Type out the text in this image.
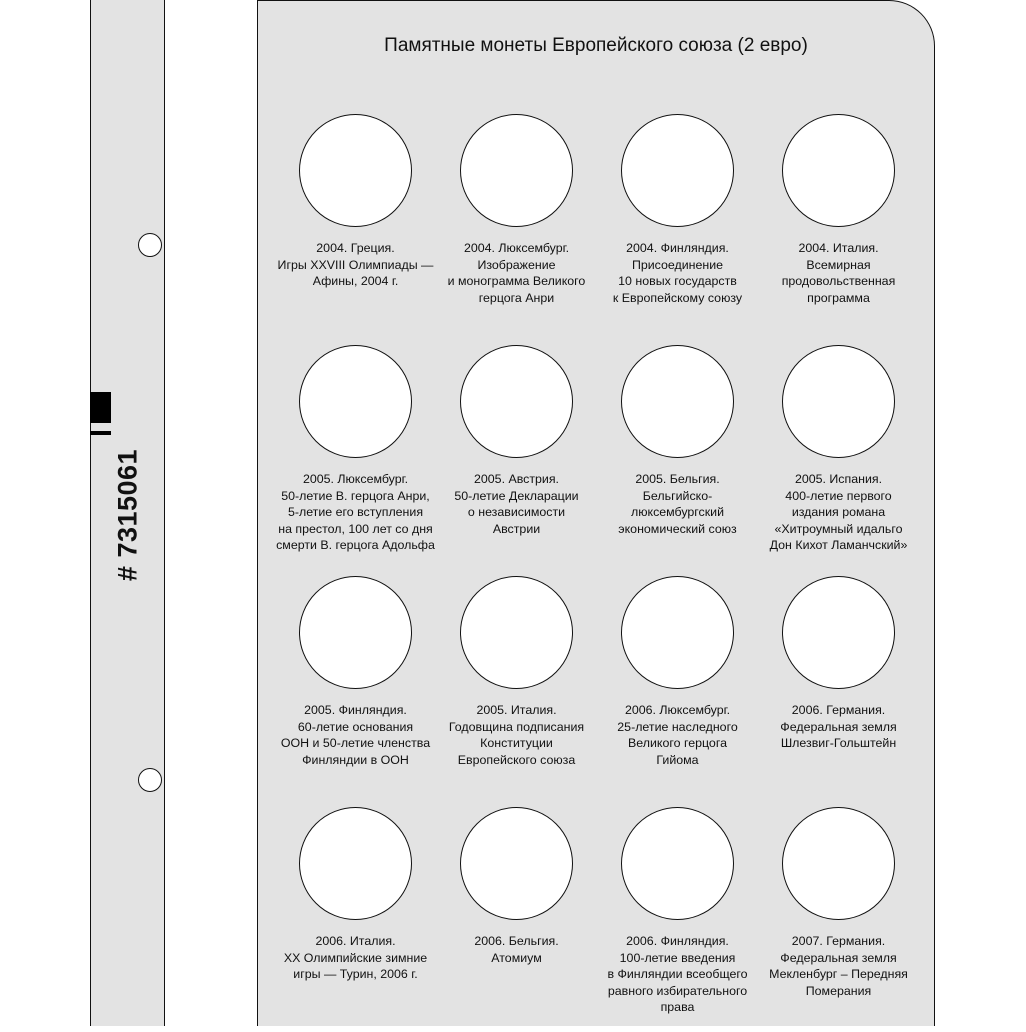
# 7315061
Памятные монеты Европейского союза (2 евро)
2004. Греция.
Игры XXVIII Олимпиады —
Афины, 2004 г.
2004. Люксембург.
Изображение
и монограмма Великого
герцога Анри
2004. Финляндия.
Присоединение
10 новых государств
к Европейскому союзу
2004. Италия.
Всемирная
продовольственная
программа
2005. Люксембург.
50-летие В. герцога Анри,
5-летие его вступления
на престол, 100 лет со дня
смерти В. герцога Адольфа
2005. Австрия.
50-летие Декларации
о независимости
Австрии
2005. Бельгия.
Бельгийско-
люксембургский
экономический союз
2005. Испания.
400-летие первого
издания романа
«Хитроумный идальго
Дон Кихот Ламанчский»
2005. Финляндия.
60-летие основания
ООН и 50-летие членства
Финляндии в ООН
2005. Италия.
Годовщина подписания
Конституции
Европейского союза
2006. Люксембург.
25-летие наследного
Великого герцога
Гийома
2006. Германия.
Федеральная земля
Шлезвиг-Гольштейн
2006. Италия.
XX Олимпийские зимние
игры — Турин, 2006 г.
2006. Бельгия.
Атомиум
2006. Финляндия.
100-летие введения
в Финляндии всеобщего
равного избирательного
права
2007. Германия.
Федеральная земля
Мекленбург – Передняя
Померания
